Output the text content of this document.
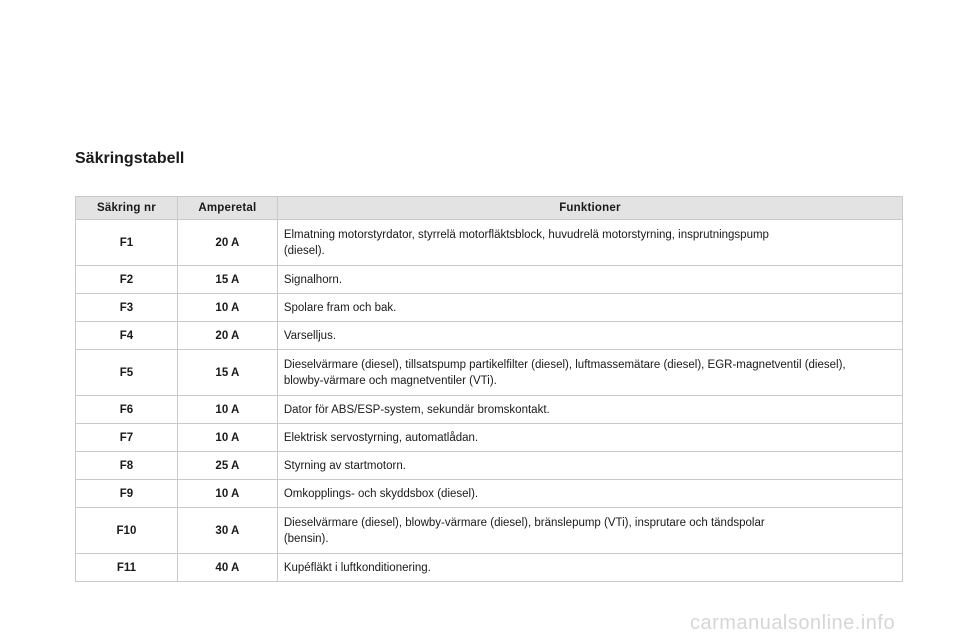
Säkringstabell
Säkring nr	Amperetal	Funktioner
F1	20 A	Elmatning motorstyrdator, styrrelä motorfläktsblock, huvudrelä motorstyrning, insprutningspump
(diesel).

F2	15 A	Signalhorn.

F3	10 A	Spolare fram och bak.

F4	20 A	Varselljus.

F5	15 A	Dieselvärmare (diesel), tillsatspump partikelfilter (diesel), luftmassemätare (diesel), EGR-magnetventil (diesel),
blowby-värmare och magnetventiler (VTi).

F6	10 A	Dator för ABS/ESP-system, sekundär bromskontakt.

F7	10 A	Elektrisk servostyrning, automatlådan.

F8	25 A	Styrning av startmotorn.

F9	10 A	Omkopplings- och skyddsbox (diesel).

F10	30 A	Dieselvärmare (diesel), blowby-värmare (diesel), bränslepump (VTi), insprutare och tändspolar
(bensin).

F11	40 A	Kupéfläkt i luftkonditionering.
carmanualsonline.info
